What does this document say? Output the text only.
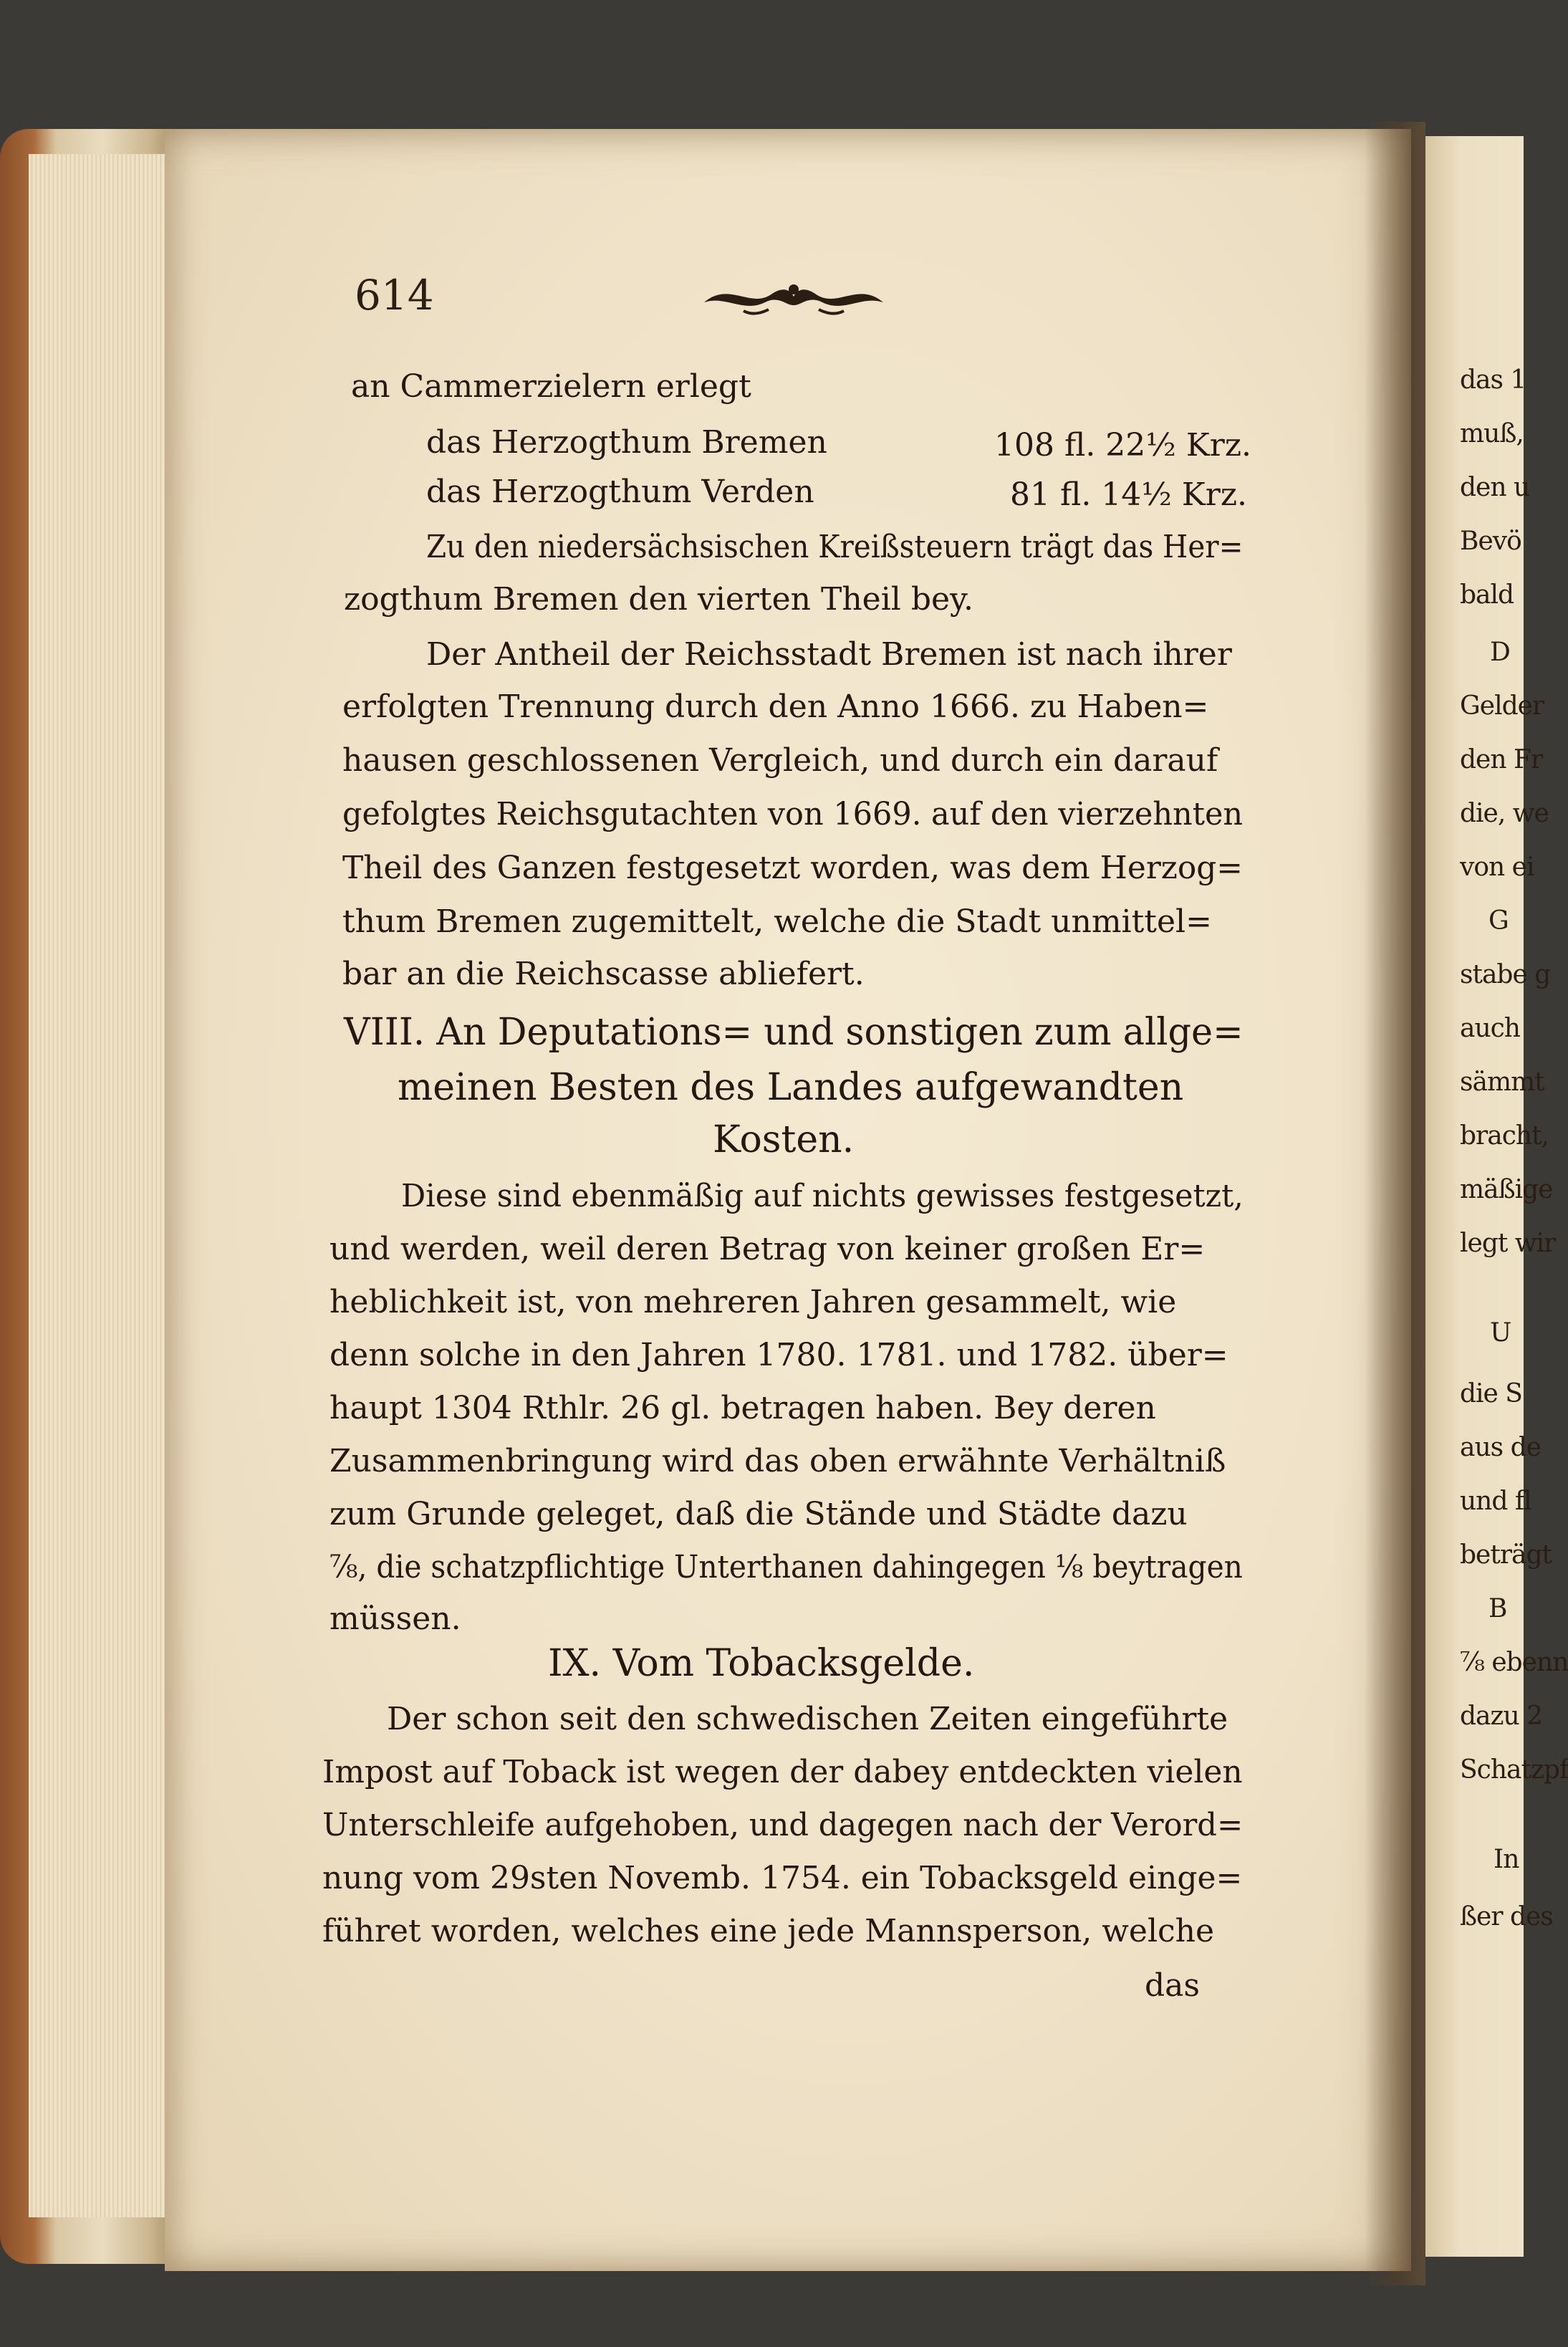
das 1
muß,
den u
Bevö
bald
D
Gelder
den Fr
die, we
von ei
G
stabe g
auch
sämmt
bracht,
mäßige
legt wir
U
die S
aus de
und fl
beträgt
B
⅞ ebenn
dazu 2
Schatzpf
In
ßer des
614
an Cammerzielern erlegt
das Herzogthum Bremen	108 fl. 22½ Krz.
das Herzogthum Verden	81 fl. 14½ Krz.
Zu den niedersächsischen Kreißsteuern trägt das Her=
zogthum Bremen den vierten Theil bey.
Der Antheil der Reichsstadt Bremen ist nach ihrer
erfolgten Trennung durch den Anno 1666. zu Haben=
hausen geschlossenen Vergleich, und durch ein darauf
gefolgtes Reichsgutachten von 1669. auf den vierzehnten
Theil des Ganzen festgesetzt worden, was dem Herzog=
thum Bremen zugemittelt, welche die Stadt unmittel=
bar an die Reichscasse abliefert.
VIII. An Deputations= und sonstigen zum allge=
meinen Besten des Landes aufgewandten
Kosten.
Diese sind ebenmäßig auf nichts gewisses festgesetzt,
und werden, weil deren Betrag von keiner großen Er=
heblichkeit ist, von mehreren Jahren gesammelt, wie
denn solche in den Jahren 1780. 1781. und 1782. über=
haupt 1304 Rthlr. 26 gl. betragen haben. Bey deren
Zusammenbringung wird das oben erwähnte Verhältniß
zum Grunde geleget, daß die Stände und Städte dazu
⅞, die schatzpflichtige Unterthanen dahingegen ⅛ beytragen
müssen.
IX. Vom Tobacksgelde.
Der schon seit den schwedischen Zeiten eingeführte
Impost auf Toback ist wegen der dabey entdeckten vielen
Unterschleife aufgehoben, und dagegen nach der Verord=
nung vom 29sten Novemb. 1754. ein Tobacksgeld einge=
führet worden, welches eine jede Mannsperson, welche
das
